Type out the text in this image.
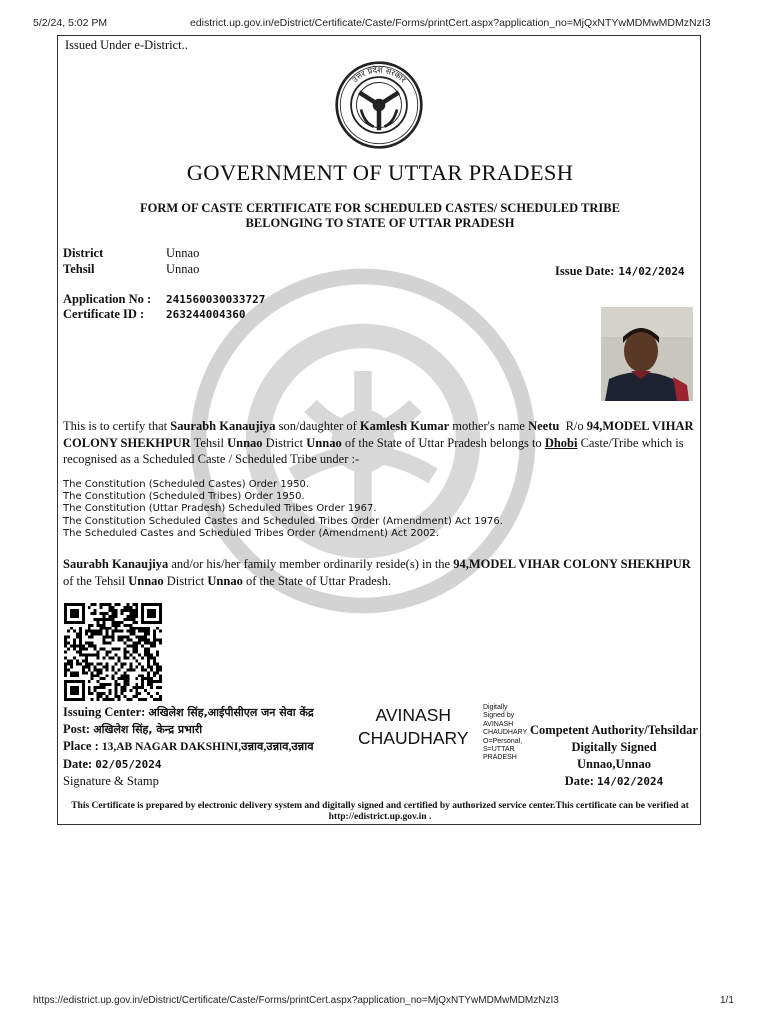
5/2/24, 5:02 PM	edistrict.up.gov.in/eDistrict/Certificate/Caste/Forms/printCert.aspx?application_no=MjQxNTYwMDMwMDMzNzI3
Issued Under e-District..
उत्तर प्रदेश सरकार
GOVERNMENT OF UTTAR PRADESH
FORM OF CASTE CERTIFICATE FOR SCHEDULED CASTES/ SCHEDULED TRIBE
BELONGING TO STATE OF UTTAR PRADESH
District	Unnao
Tehsil	Unnao	Issue Date: 14/02/2024
Application No : 241560030033727
Certificate ID : 263244004360
This is to certify that Saurabh Kanaujiya son/daughter of Kamlesh Kumar mother's name Neetu  R/o 94,MODEL VIHAR COLONY SHEKHPUR Tehsil Unnao District Unnao of the State of Uttar Pradesh belongs to Dhobi Caste/Tribe which is recognised as a Scheduled Caste / Scheduled Tribe under :-
The Constitution (Scheduled Castes) Order 1950.
The Constitution (Scheduled Tribes) Order 1950.
The Constitution (Uttar Pradesh) Scheduled Tribes Order 1967.
The Constitution Scheduled Castes and Scheduled Tribes Order (Amendment) Act 1976.
The Scheduled Castes and Scheduled Tribes Order (Amendment) Act 2002.
Saurabh Kanaujiya and/or his/her family member ordinarily reside(s) in the 94,MODEL VIHAR COLONY SHEKHPUR of the Tehsil Unnao District Unnao of the State of Uttar Pradesh.
Issuing Center: अखिलेश सिंह,आईपीसीएल जन सेवा केंद्र
Post: अखिलेश सिंह, केन्द्र प्रभारी
Place : 13,AB NAGAR DAKSHINI,उन्नाव,उन्नाव,उन्नाव
Date: 02/05/2024
Signature & Stamp
AVINASH
CHAUDHARY
Digitally
Signed by
AVINASH
CHAUDHARY
O=Personal,
S=UTTAR
PRADESH
Competent Authority/Tehsildar
Digitally Signed
Unnao,Unnao
Date: 14/02/2024
This Certificate is prepared by electronic delivery system and digitally signed and certified by authorized service center.This certificate can be verified at
http://edistrict.up.gov.in .
https://edistrict.up.gov.in/eDistrict/Certificate/Caste/Forms/printCert.aspx?application_no=MjQxNTYwMDMwMDMzNzI3	1/1
